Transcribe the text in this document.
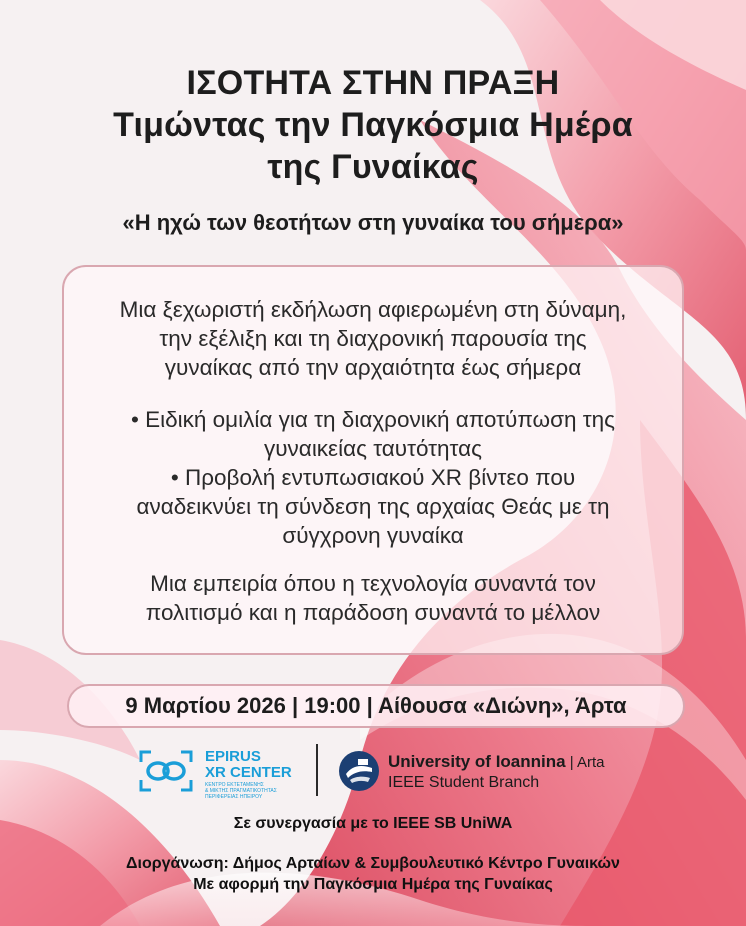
ΙΣΟΤΗΤΑ ΣΤΗΝ ΠΡΑΞΗ
Τιμώντας την Παγκόσμια Ημέρα
της Γυναίκας
«Η ηχώ των θεοτήτων στη γυναίκα του σήμερα»

Μια ξεχωριστή εκδήλωση αφιερωμένη στη δύναμη,

την εξέλιξη και τη διαχρονική παρουσία της

γυναίκας από την αρχαιότητα έως σήμερα

• Ειδική ομιλία για τη διαχρονική αποτύπωση της

γυναικείας ταυτότητας

• Προβολή εντυπωσιακού XR βίντεο που

αναδεικνύει τη σύνδεση της αρχαίας Θεάς με τη

σύγχρονη γυναίκα

Μια εμπειρία όπου η τεχνολογία συναντά τον

πολιτισμό και η παράδοση συναντά το μέλλον

9 Μαρτίου 2026 | 19:00 | Αίθουσα «Διώνη», Άρτα
EPIRUS
XR CENTER
ΚΕΝΤΡΟ ΕΚΤΕΤΑΜΕΝΗΣ
& ΜΙΚΤΗΣ ΠΡΑΓΜΑΤΙΚΟΤΗΤΑΣ
ΠΕΡΙΦΕΡΕΙΑΣ ΗΠΕΙΡΟΥ
University of Ioannina | Arta
IEEE Student Branch
Σε συνεργασία με το IEEE SB UniWA
Διοργάνωση: Δήμος Αρταίων & Συμβουλευτικό Κέντρο Γυναικών
Με αφορμή την Παγκόσμια Ημέρα της Γυναίκας
